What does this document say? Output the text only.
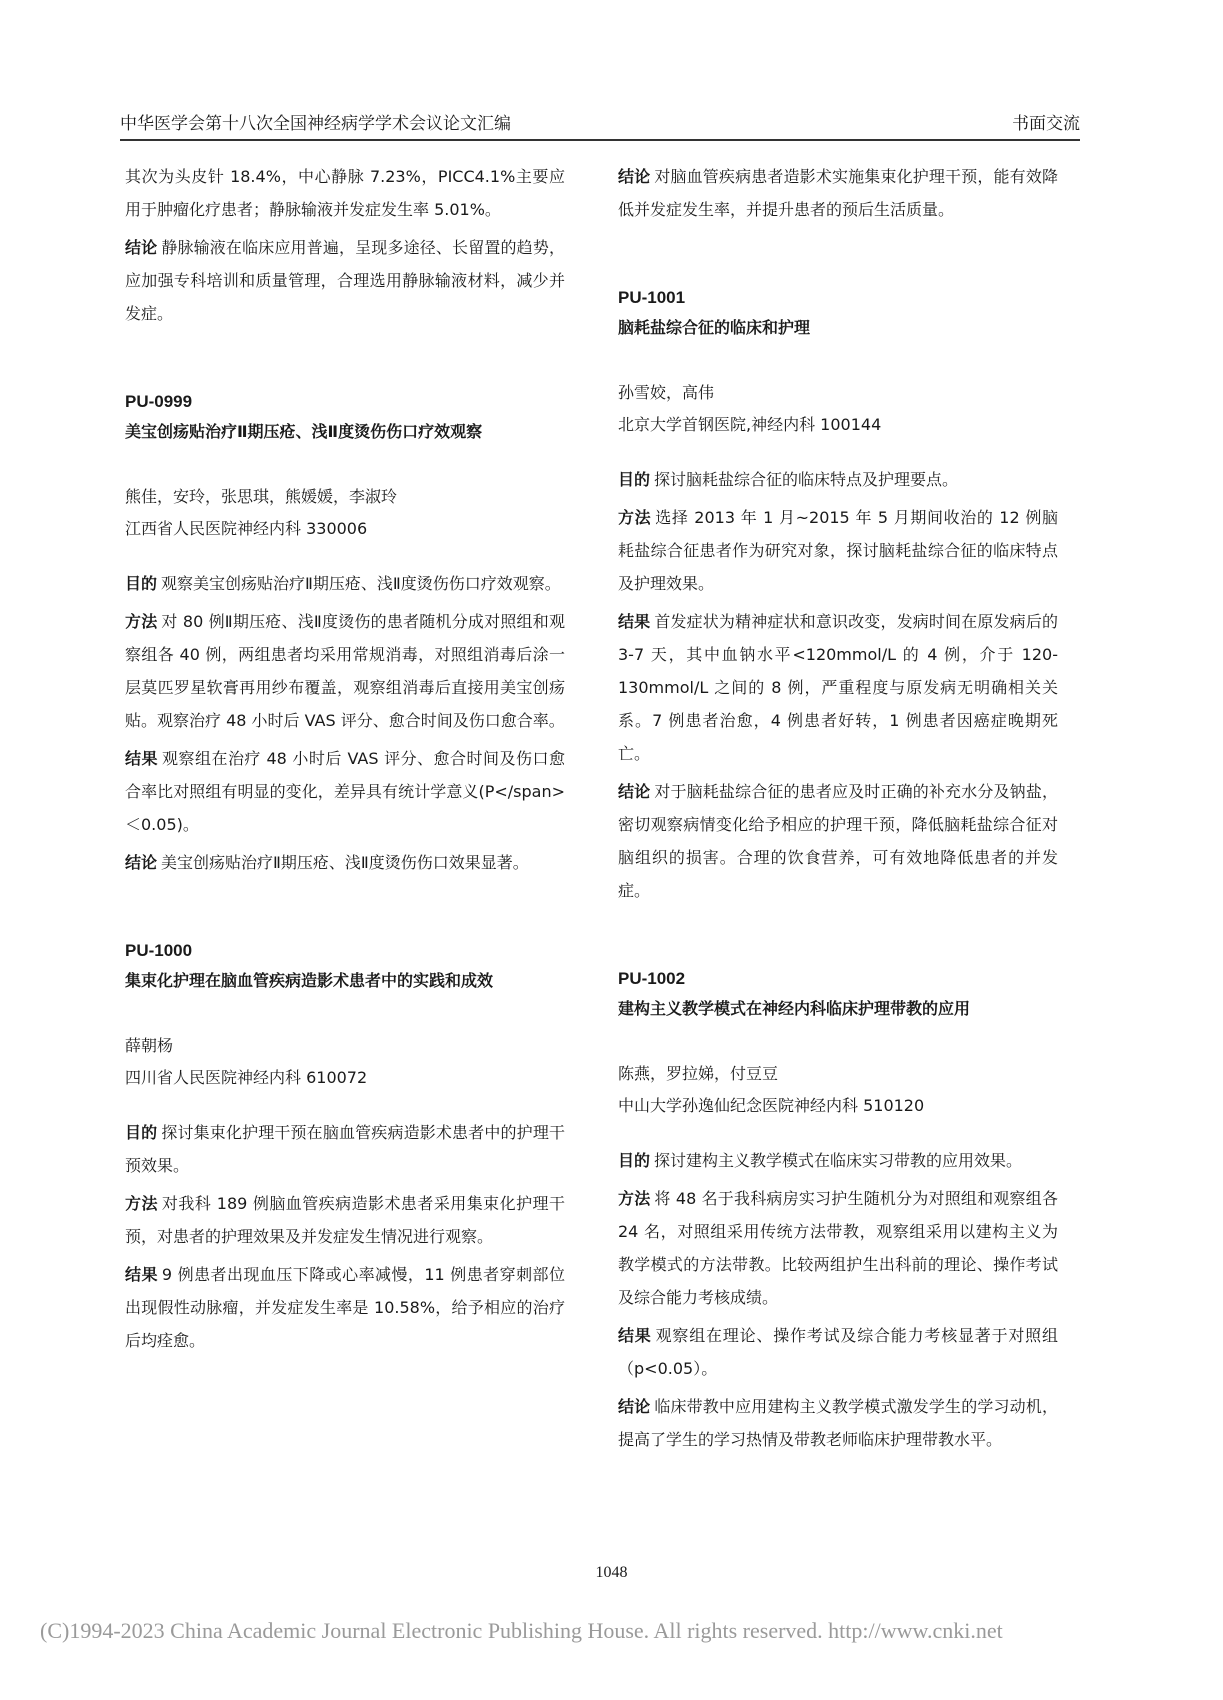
中华医学会第十八次全国神经病学学术会议论文汇编	书面交流

其次为头皮针 18.4%，中心静脉 7.23%，PICC4.1%主要应用于肿瘤化疗患者；静脉输液并发症发生率 5.01%。

结论 静脉输液在临床应用普遍，呈现多途径、长留置的趋势，应加强专科培训和质量管理，合理选用静脉输液材料，减少并发症。

PU-0999
美宝创疡贴治疗Ⅱ期压疮、浅Ⅱ度烫伤伤口疗效观察
熊佳，安玲，张思琪，熊媛媛，李淑玲
江西省人民医院神经内科 330006

目的 观察美宝创疡贴治疗Ⅱ期压疮、浅Ⅱ度烫伤伤口疗效观察。

方法 对 80 例Ⅱ期压疮、浅Ⅱ度烫伤的患者随机分成对照组和观察组各 40 例，两组患者均采用常规消毒，对照组消毒后涂一层莫匹罗星软膏再用纱布覆盖，观察组消毒后直接用美宝创疡贴。观察治疗 48 小时后 VAS 评分、愈合时间及伤口愈合率。

结果 观察组在治疗 48 小时后 VAS 评分、愈合时间及伤口愈合率比对照组有明显的变化，差异具有统计学意义(P</span>＜0.05)。

结论 美宝创疡贴治疗Ⅱ期压疮、浅Ⅱ度烫伤伤口效果显著。

PU-1000
集束化护理在脑血管疾病造影术患者中的实践和成效
薛朝杨
四川省人民医院神经内科 610072

目的 探讨集束化护理干预在脑血管疾病造影术患者中的护理干预效果。

方法 对我科 189 例脑血管疾病造影术患者采用集束化护理干预，对患者的护理效果及并发症发生情况进行观察。

结果 9 例患者出现血压下降或心率减慢，11 例患者穿刺部位出现假性动脉瘤，并发症发生率是 10.58%，给予相应的治疗后均痊愈。

结论 对脑血管疾病患者造影术实施集束化护理干预，能有效降低并发症发生率，并提升患者的预后生活质量。

PU-1001
脑耗盐综合征的临床和护理
孙雪姣，高伟
北京大学首钢医院,神经内科 100144

目的 探讨脑耗盐综合征的临床特点及护理要点。

方法 选择 2013 年 1 月~2015 年 5 月期间收治的 12 例脑耗盐综合征患者作为研究对象，探讨脑耗盐综合征的临床特点及护理效果。

结果 首发症状为精神症状和意识改变，发病时间在原发病后的 3-7 天，其中血钠水平<120mmol/L 的 4 例，介于 120-130mmol/L 之间的 8 例，严重程度与原发病无明确相关关系。7 例患者治愈，4 例患者好转，1 例患者因癌症晚期死亡。

结论 对于脑耗盐综合征的患者应及时正确的补充水分及钠盐，密切观察病情变化给予相应的护理干预，降低脑耗盐综合征对脑组织的损害。合理的饮食营养，可有效地降低患者的并发症。

PU-1002
建构主义教学模式在神经内科临床护理带教的应用
陈燕，罗拉娣，付豆豆
中山大学孙逸仙纪念医院神经内科 510120

目的 探讨建构主义教学模式在临床实习带教的应用效果。

方法 将 48 名于我科病房实习护生随机分为对照组和观察组各 24 名，对照组采用传统方法带教，观察组采用以建构主义为教学模式的方法带教。比较两组护生出科前的理论、操作考试及综合能力考核成绩。

结果 观察组在理论、操作考试及综合能力考核显著于对照组（p<0.05）。

结论 临床带教中应用建构主义教学模式激发学生的学习动机，提高了学生的学习热情及带教老师临床护理带教水平。

1048
(C)1994-2023 China Academic Journal Electronic Publishing House. All rights reserved. http://www.cnki.net
